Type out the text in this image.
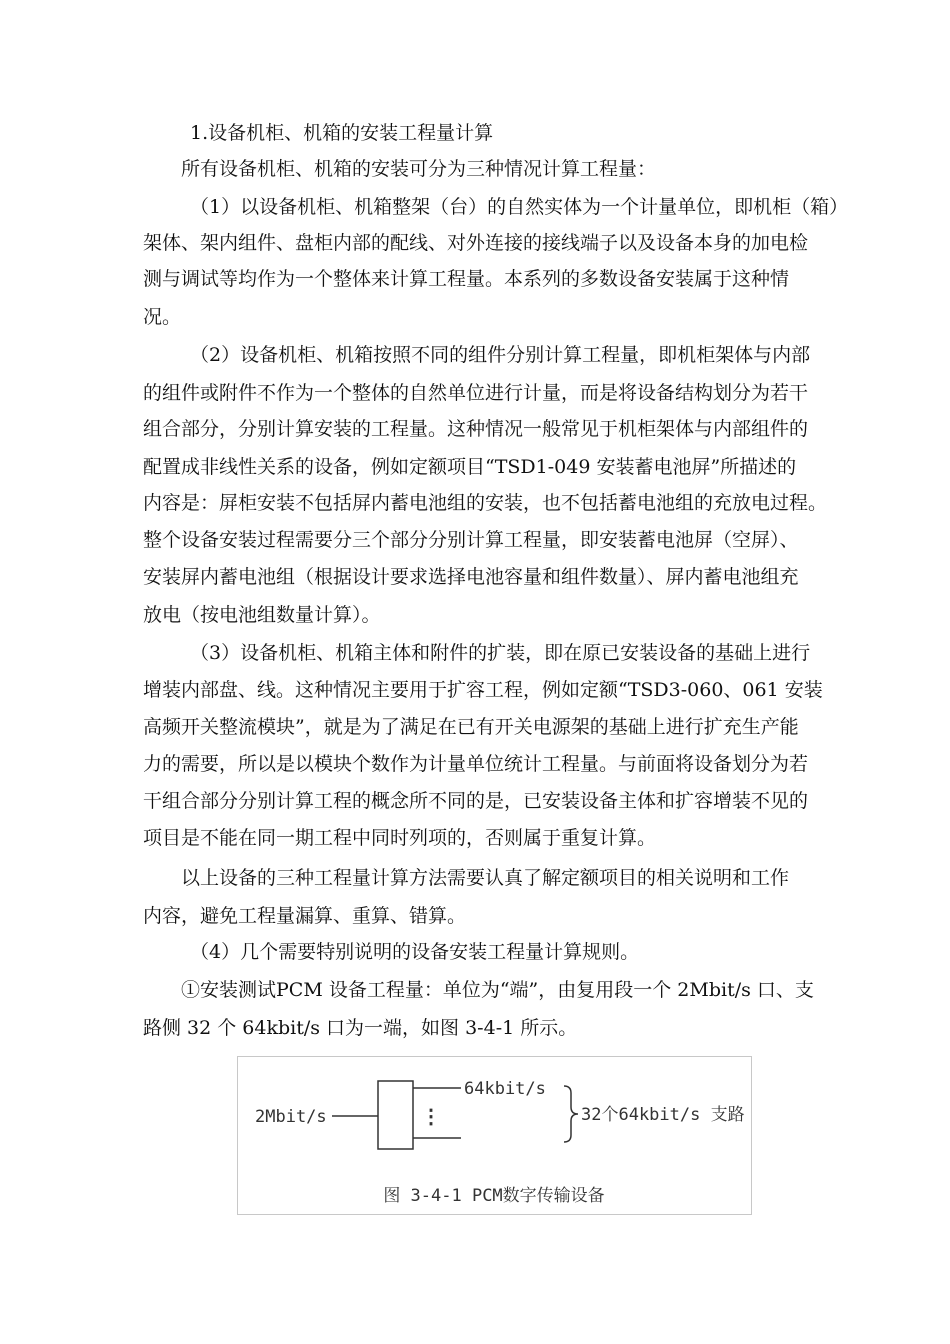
1.设备机柜、机箱的安装工程量计算
所有设备机柜、机箱的安装可分为三种情况计算工程量：
（1）以设备机柜、机箱整架（台）的自然实体为一个计量单位，即机柜（箱）
架体、架内组件、盘柜内部的配线、对外连接的接线端子以及设备本身的加电检
测与调试等均作为一个整体来计算工程量。本系列的多数设备安装属于这种情
况。
（2）设备机柜、机箱按照不同的组件分别计算工程量，即机柜架体与内部
的组件或附件不作为一个整体的自然单位进行计量，而是将设备结构划分为若干
组合部分，分别计算安装的工程量。这种情况一般常见于机柜架体与内部组件的
配置成非线性关系的设备，例如定额项目“TSD1-049 安装蓄电池屏”所描述的
内容是：屏柜安装不包括屏内蓄电池组的安装，也不包括蓄电池组的充放电过程。
整个设备安装过程需要分三个部分分别计算工程量，即安装蓄电池屏（空屏）、
安装屏内蓄电池组（根据设计要求选择电池容量和组件数量）、屏内蓄电池组充
放电（按电池组数量计算）。
（3）设备机柜、机箱主体和附件的扩装，即在原已安装设备的基础上进行
增装内部盘、线。这种情况主要用于扩容工程，例如定额“TSD3-060、061 安装
高频开关整流模块”，就是为了满足在已有开关电源架的基础上进行扩充生产能
力的需要，所以是以模块个数作为计量单位统计工程量。与前面将设备划分为若
干组合部分分别计算工程的概念所不同的是，已安装设备主体和扩容增装不见的
项目是不能在同一期工程中同时列项的，否则属于重复计算。
以上设备的三种工程量计算方法需要认真了解定额项目的相关说明和工作
内容，避免工程量漏算、重算、错算。
（4）几个需要特别说明的设备安装工程量计算规则。
①安装测试PCM 设备工程量：单位为“端”，由复用段一个 2Mbit/s 口、支
路侧 32 个 64kbit/s 口为一端，如图 3-4-1 所示。
2Mbit/s
64kbit/s
⋮	32个64kbit/s 支路
图 3-4-1 PCM数字传输设备
